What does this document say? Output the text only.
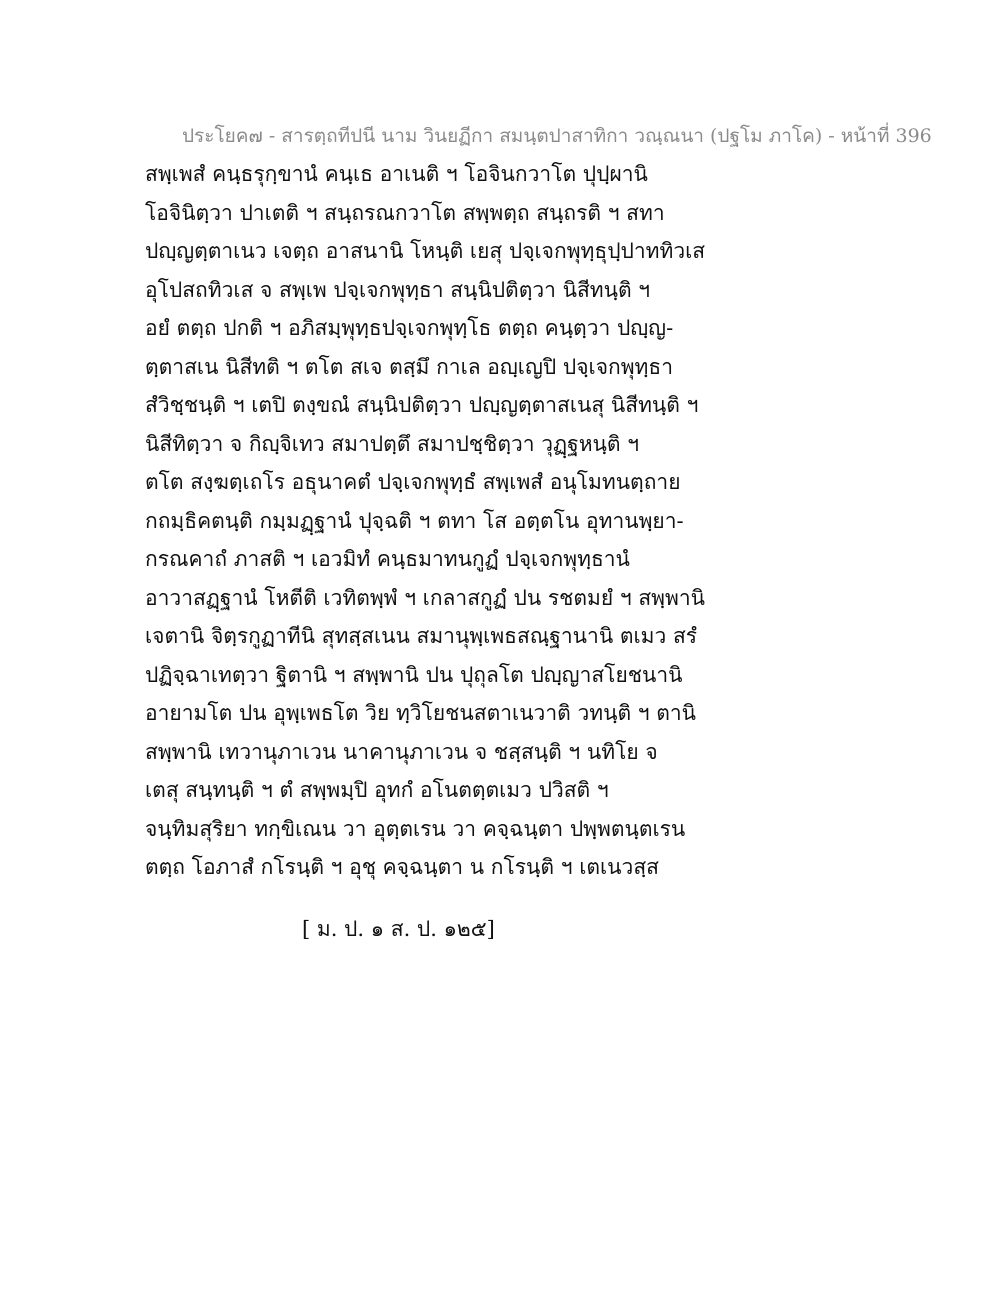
ประโยค๗ - สารตฺถทีปนี นาม วินยฏีกา สมนฺตปาสาทิกา วณฺณนา (ปฐโม ภาโค) - หน้าที่ 396
สพฺเพสํ คนฺธรุกฺขานํ คนฺเธ อาเนติ ฯ โอจินกวาโต ปุปฺผานิ
โอจินิตฺวา ปาเตติ ฯ สนฺถรณกวาโต สพฺพตฺถ สนฺถรติ ฯ สทา
ปญฺญตฺตาเนว เจตฺถ อาสนานิ โหนฺติ เยสุ ปจฺเจกพุทฺธุปฺปาททิวเส
อุโปสถทิวเส จ สพฺเพ ปจฺเจกพุทฺธา สนฺนิปติตฺวา นิสีทนฺติ ฯ
อยํ ตตฺถ ปกติ ฯ อภิสมฺพุทฺธปจฺเจกพุทฺโธ ตตฺถ คนฺตฺวา ปญฺญ-
ตฺตาสเน นิสีทติ ฯ ตโต สเจ ตสฺมึ กาเล อญฺเญปิ ปจฺเจกพุทฺธา
สํวิชฺชนฺติ ฯ เตปิ ตงฺขณํ สนฺนิปติตฺวา ปญฺญตฺตาสเนสุ นิสีทนฺติ ฯ
นิสีทิตฺวา จ กิญฺจิเทว สมาปตฺตึ สมาปชฺชิตฺวา วุฏฺฐหนฺติ ฯ
ตโต สงฺฆตฺเถโร อธุนาคตํ ปจฺเจกพุทฺธํ สพฺเพสํ อนุโมทนตฺถาย
กถมฺธิคตนฺติ กมฺมฏฺฐานํ ปุจฺฉติ ฯ ตทา โส อตฺตโน อุทานพฺยา-
กรณคาถํ ภาสติ ฯ เอวมิทํ คนฺธมาทนกูฏํ ปจฺเจกพุทฺธานํ
อาวาสฏฺฐานํ โหตีติ เวทิตพฺพํ ฯ เกลาสกูฏํ ปน รชตมยํ ฯ สพฺพานิ
เจตานิ จิตฺรกูฏาทีนิ สุทสฺสเนน สมานุพฺเพธสณฺฐานานิ ตเมว สรํ
ปฏิจฺฉาเทตฺวา ฐิตานิ ฯ สพฺพานิ ปน ปุถุลโต ปญฺญาสโยชนานิ
อายามโต ปน อุพฺเพธโต วิย ทฺวิโยชนสตาเนวาติ วทนฺติ ฯ ตานิ
สพฺพานิ เทวานุภาเวน นาคานุภาเวน จ ชสฺสนฺติ ฯ นทิโย จ
เตสุ สนฺทนฺติ ฯ ตํ สพฺพมฺปิ อุทกํ อโนตตฺตเมว ปวิสติ ฯ
จนฺทิมสุริยา ทกฺขิเณน วา อุตฺตเรน วา คจฺฉนฺตา ปพฺพตนฺตเรน
ตตฺถ โอภาสํ กโรนฺติ ฯ อุชุ คจฺฉนฺตา น กโรนฺติ ฯ เตเนวสฺส
[ ม. ป. ๑ ส. ป. ๑๒๕]
